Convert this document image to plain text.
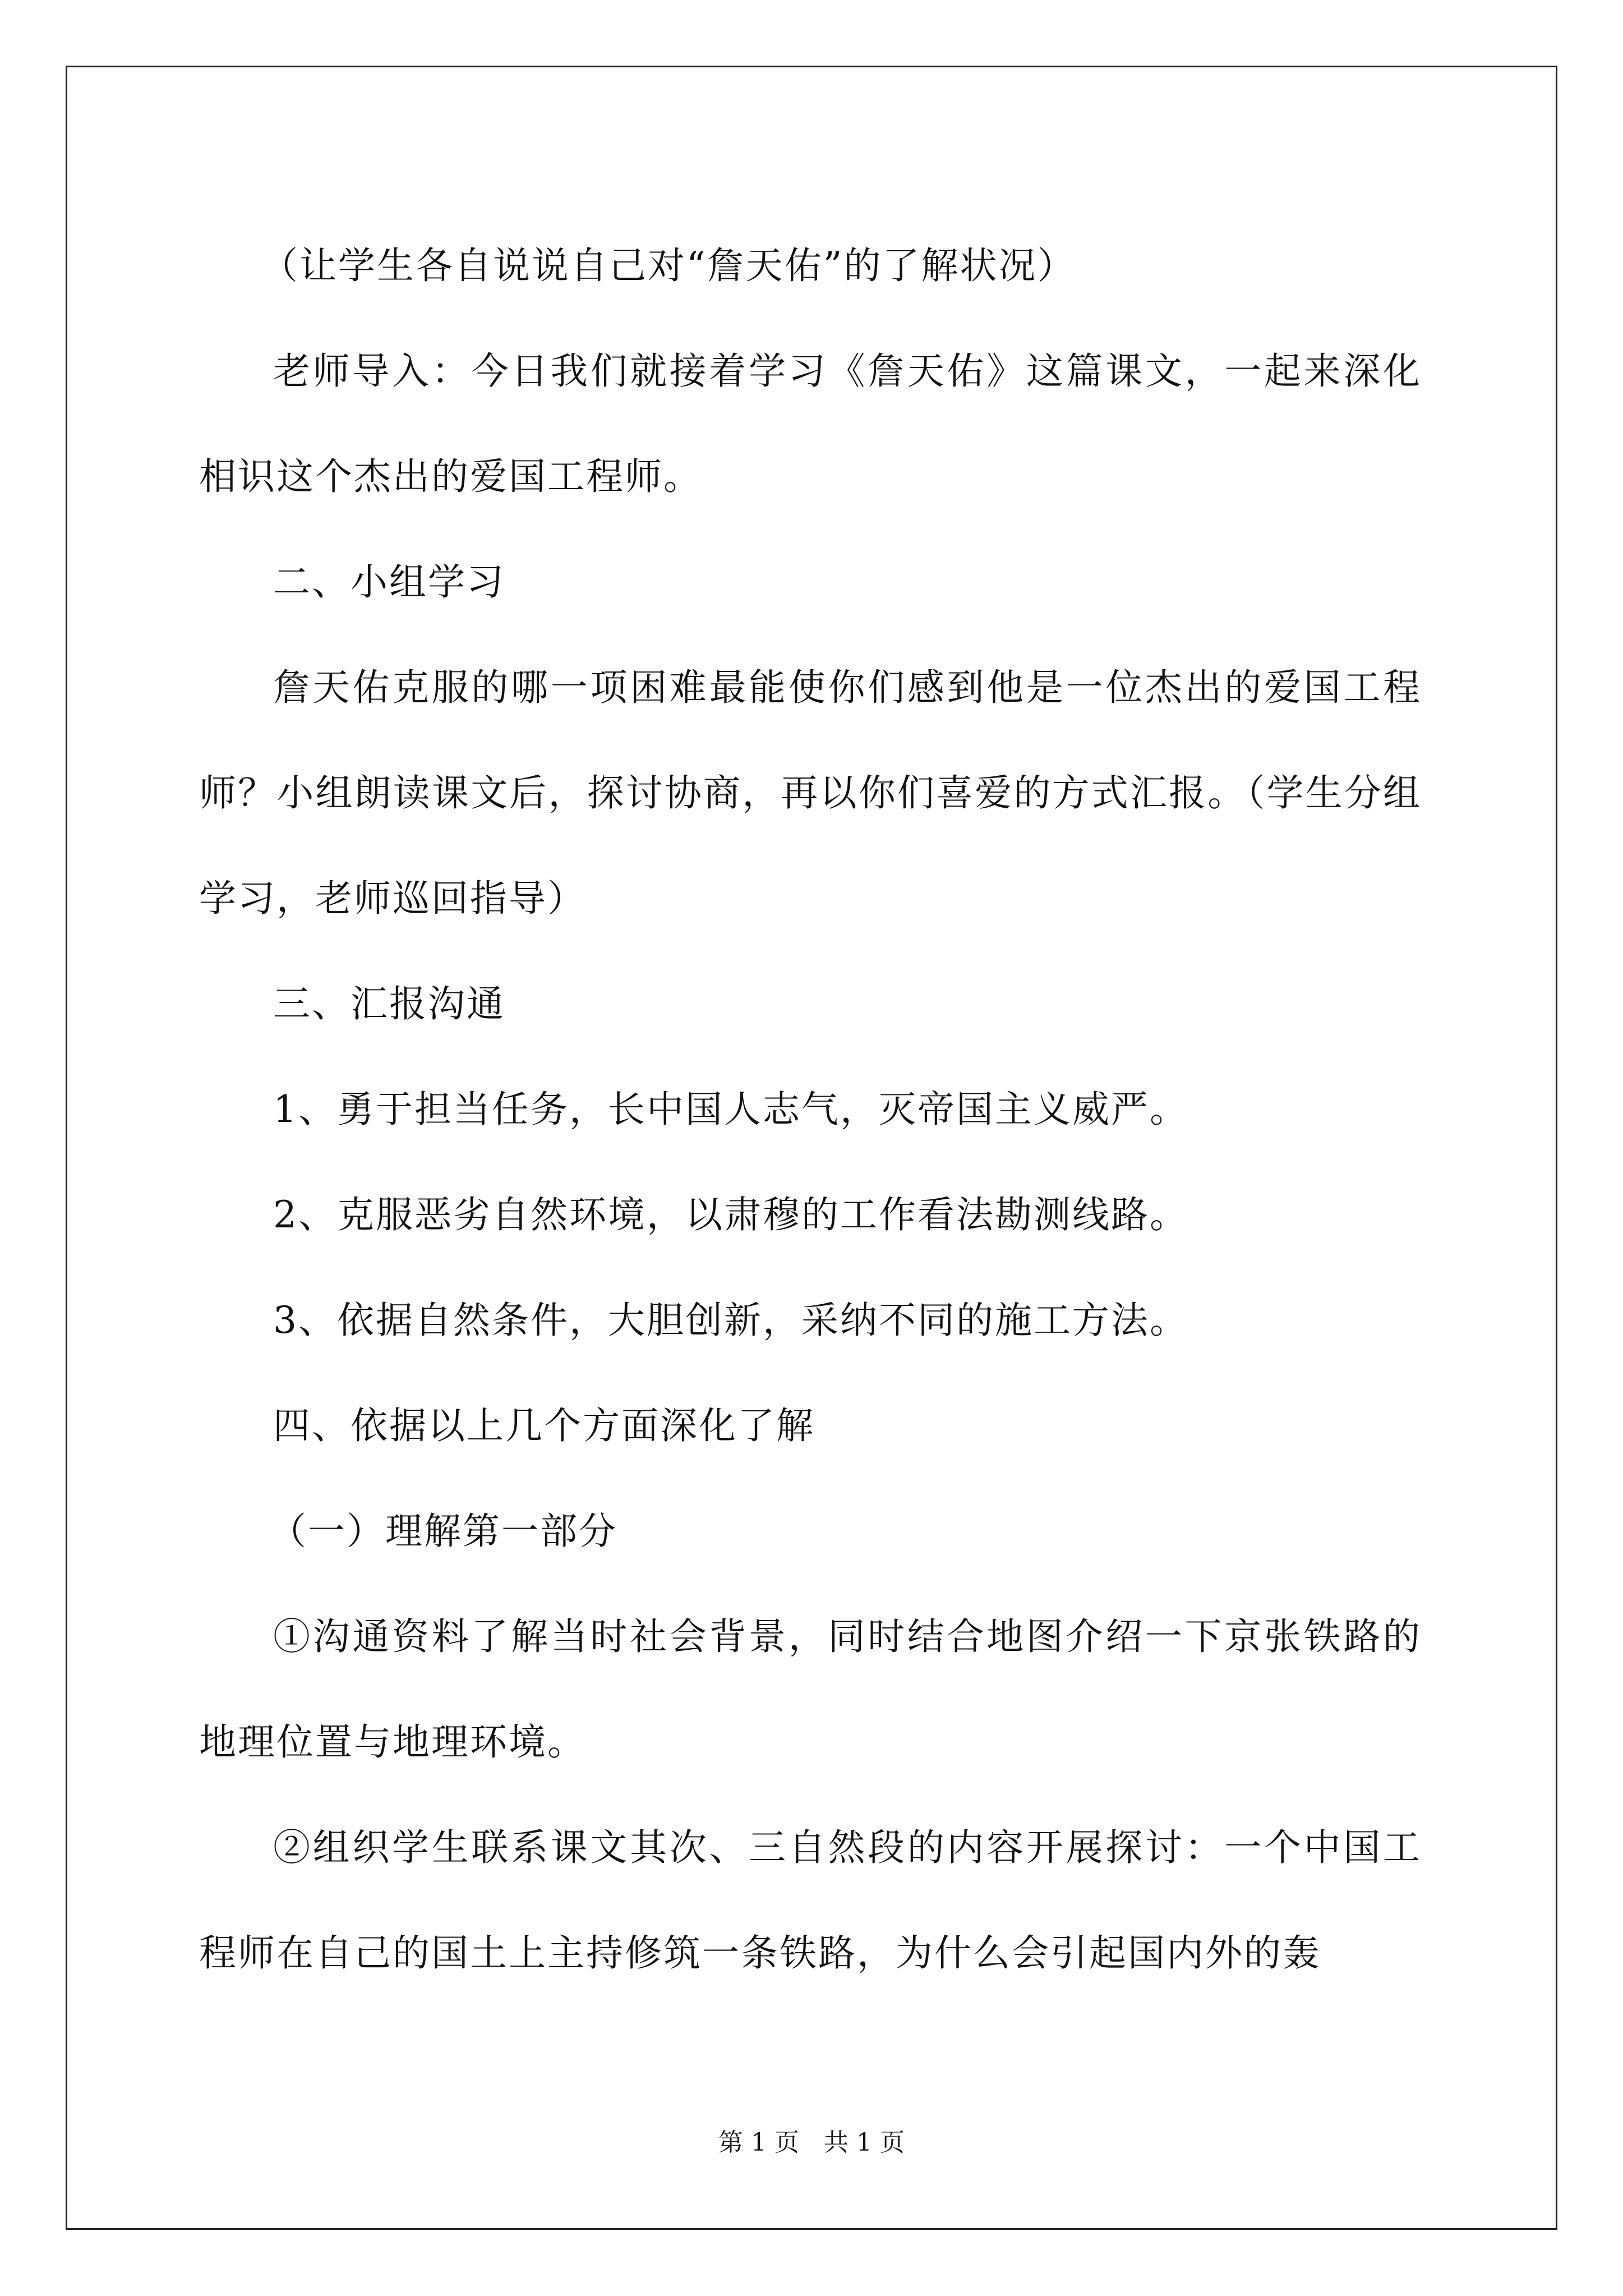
（让学生各自说说自己对“詹天佑”的了解状况）

老师导入：今日我们就接着学习《詹天佑》这篇课文，一起来深化相识这个杰出的爱国工程师。

二、小组学习

詹天佑克服的哪一项困难最能使你们感到他是一位杰出的爱国工程师？小组朗读课文后，探讨协商，再以你们喜爱的方式汇报。（学生分组学习，老师巡回指导）

三、汇报沟通

1、勇于担当任务，长中国人志气，灭帝国主义威严。

2、克服恶劣自然环境，以肃穆的工作看法勘测线路。

3、依据自然条件，大胆创新，采纳不同的施工方法。

四、依据以上几个方面深化了解

（一）理解第一部分

①沟通资料了解当时社会背景，同时结合地图介绍一下京张铁路的地理位置与地理环境。

②组织学生联系课文其次、三自然段的内容开展探讨：一个中国工程师在自己的国土上主持修筑一条铁路，为什么会引起国内外的轰

第 1 页　共 1 页
